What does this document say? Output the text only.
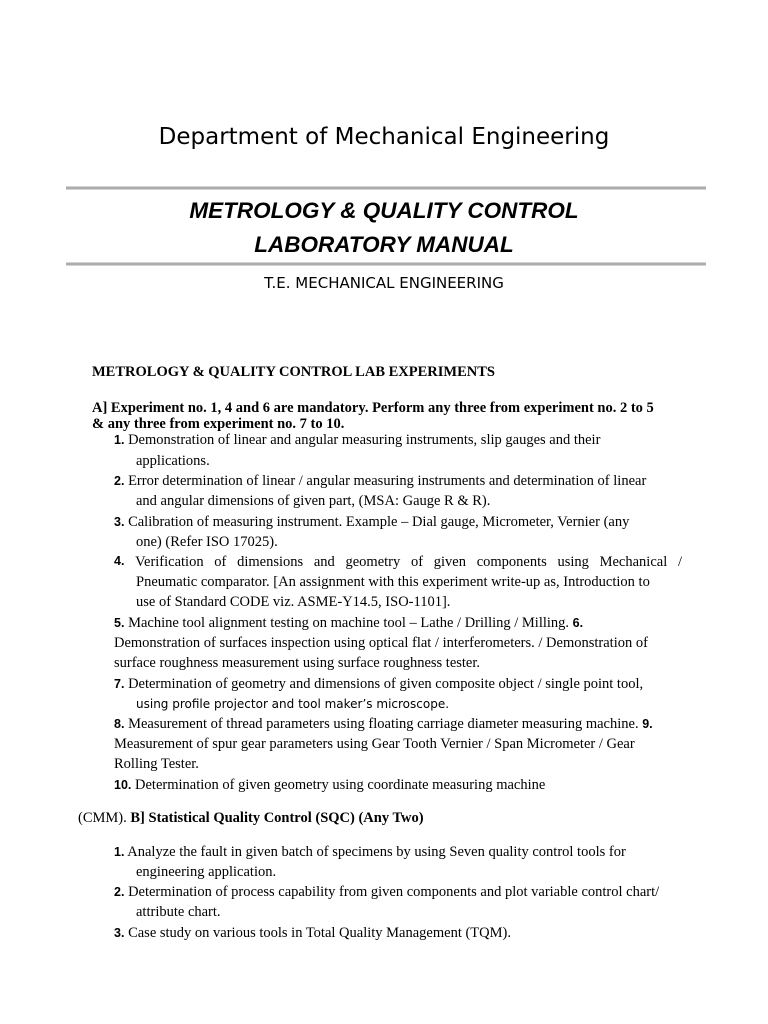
Department of Mechanical Engineering
METROLOGY & QUALITY CONTROL
LABORATORY MANUAL
T.E. MECHANICAL ENGINEERING
METROLOGY & QUALITY CONTROL LAB EXPERIMENTS
A] Experiment no. 1, 4 and 6 are mandatory. Perform any three from experiment no. 2 to 5
& any three from experiment no. 7 to 10.
1. Demonstration of linear and angular measuring instruments, slip gauges and their
applications.
2. Error determination of linear / angular measuring instruments and determination of linear
and angular dimensions of given part, (MSA: Gauge R & R).
3. Calibration of measuring instrument. Example – Dial gauge, Micrometer, Vernier (any
one) (Refer ISO 17025).
4. Verification of dimensions and geometry of given components using Mechanical /
Pneumatic comparator. [An assignment with this experiment write-up as, Introduction to
use of Standard CODE viz. ASME-Y14.5, ISO-1101].
5. Machine tool alignment testing on machine tool – Lathe / Drilling / Milling. 6.
Demonstration of surfaces inspection using optical flat / interferometers. / Demonstration of
surface roughness measurement using surface roughness tester.
7. Determination of geometry and dimensions of given composite object / single point tool,
using profile projector and tool maker’s microscope.
8. Measurement of thread parameters using floating carriage diameter measuring machine. 9.
Measurement of spur gear parameters using Gear Tooth Vernier / Span Micrometer / Gear
Rolling Tester.
10. Determination of given geometry using coordinate measuring machine
(CMM). B] Statistical Quality Control (SQC) (Any Two)
1. Analyze the fault in given batch of specimens by using Seven quality control tools for
engineering application.
2. Determination of process capability from given components and plot variable control chart/
attribute chart.
3. Case study on various tools in Total Quality Management (TQM).
